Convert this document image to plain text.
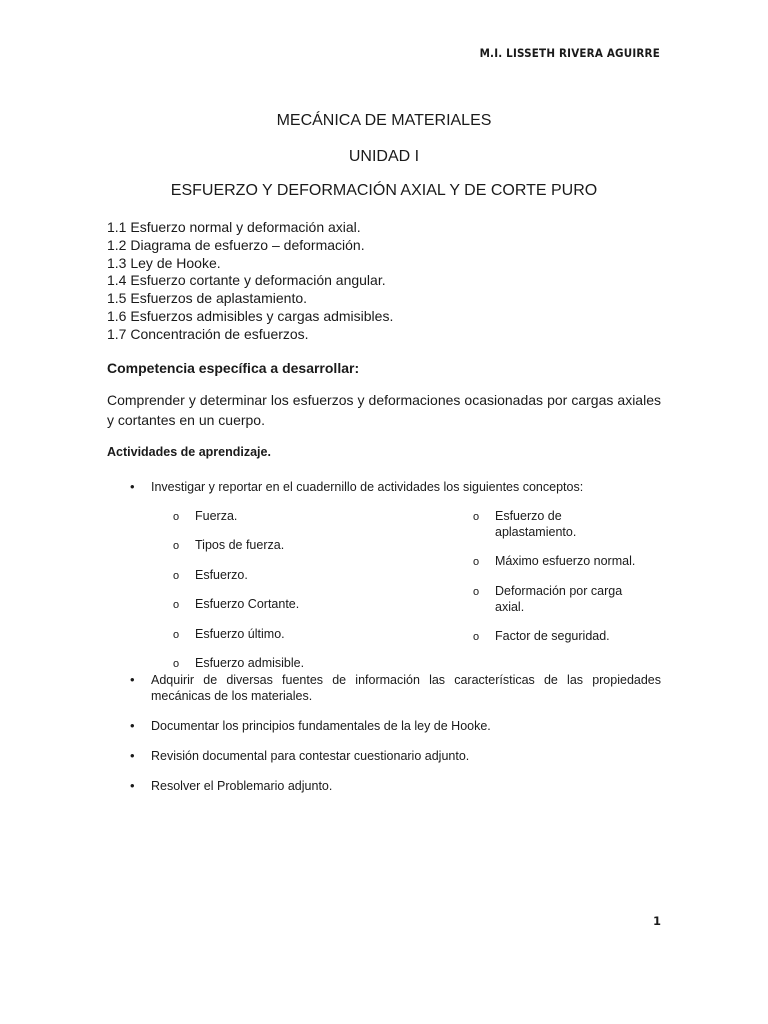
M.I. LISSETH RIVERA AGUIRRE
MECÁNICA DE MATERIALES
UNIDAD I
ESFUERZO Y DEFORMACIÓN AXIAL Y DE CORTE PURO
1.1 Esfuerzo normal y deformación axial.
1.2 Diagrama de esfuerzo – deformación.
1.3 Ley de Hooke.
1.4 Esfuerzo cortante y deformación angular.
1.5 Esfuerzos de aplastamiento.
1.6 Esfuerzos admisibles y cargas admisibles.
1.7 Concentración de esfuerzos.
Competencia específica a desarrollar:

Comprender y determinar los esfuerzos y deformaciones ocasionadas por cargas axiales y cortantes en un cuerpo.

Actividades de aprendizaje.
• Investigar y reportar en el cuadernillo de actividades los siguientes conceptos:
o Fuerza.
o Tipos de fuerza.
o Esfuerzo.
o Esfuerzo Cortante.
o Esfuerzo último.
o Esfuerzo admisible.
o Esfuerzo de aplastamiento.
o Máximo esfuerzo normal.
o Deformación por carga axial.
o Factor de seguridad.
• Adquirir de diversas fuentes de información las características de las propiedades mecánicas de los materiales.
• Documentar los principios fundamentales de la ley de Hooke.
• Revisión documental para contestar cuestionario adjunto.
• Resolver el Problemario adjunto.
1
